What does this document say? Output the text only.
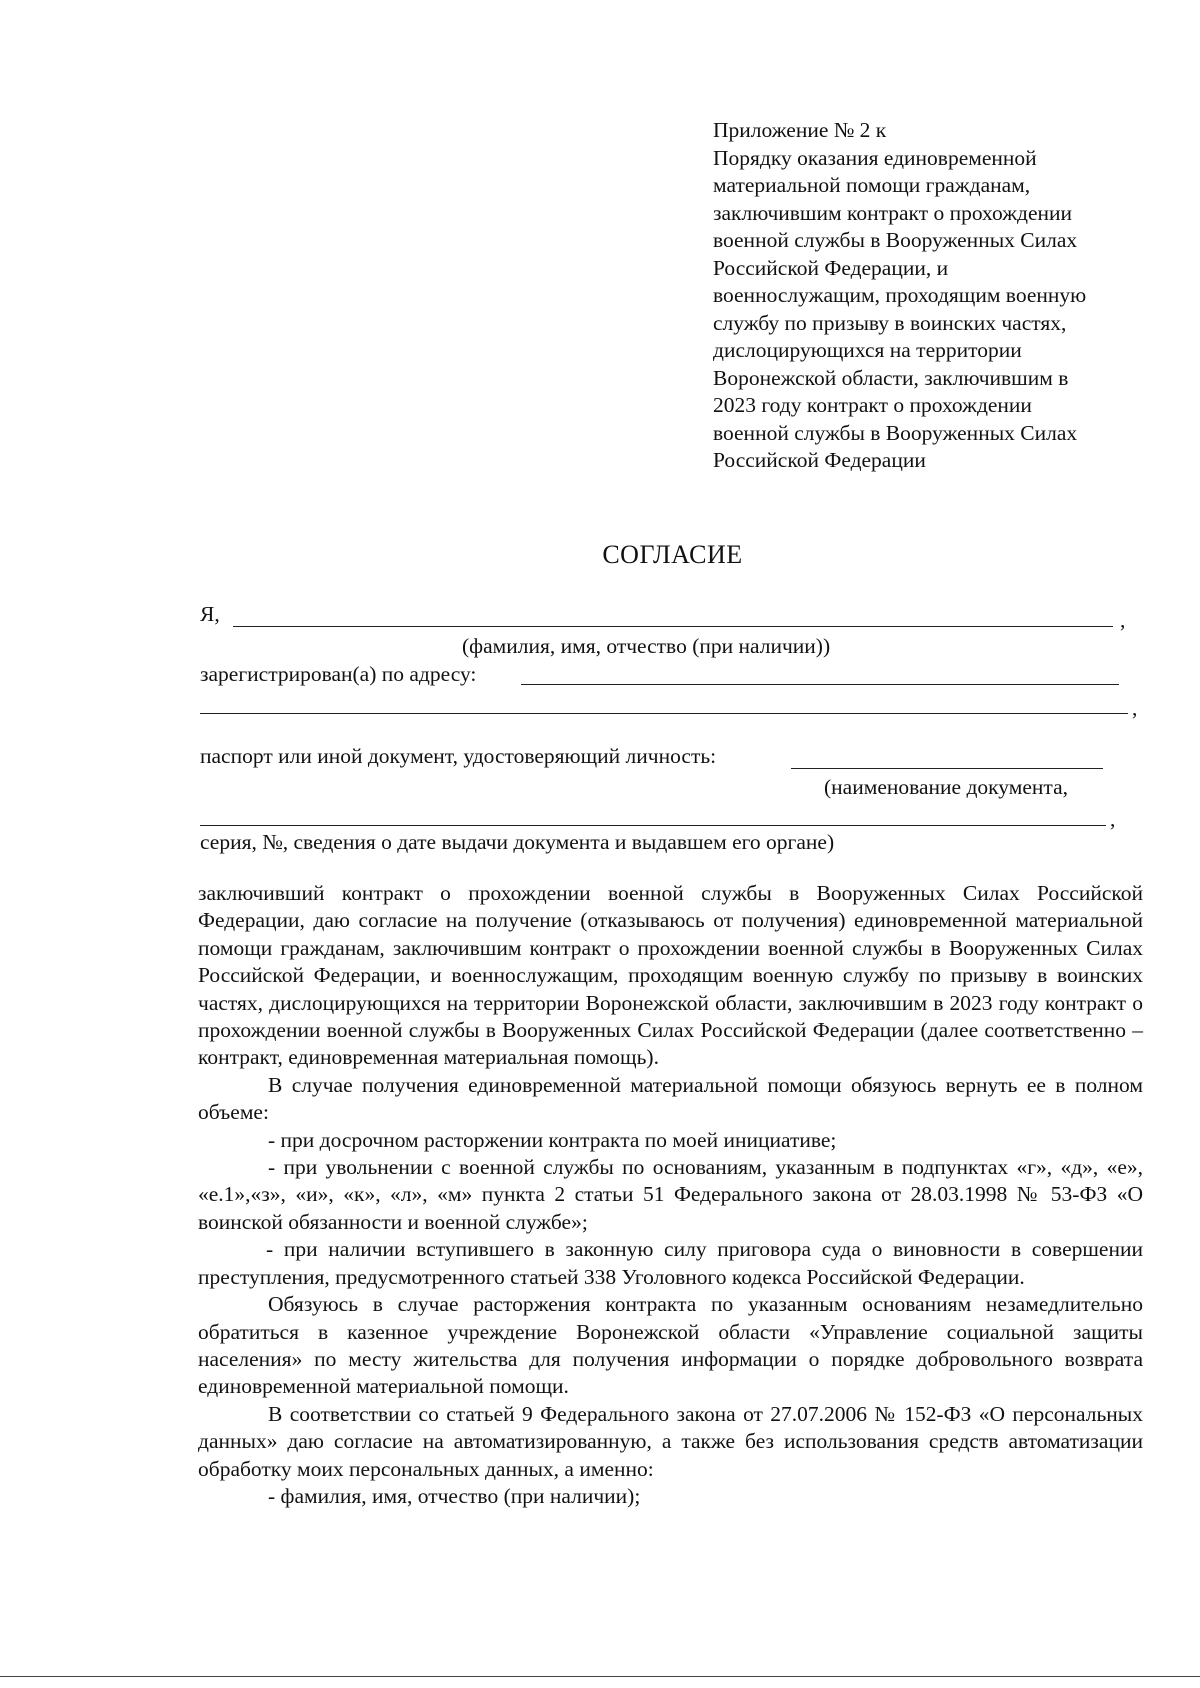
Приложение № 2 к
Порядку оказания единовременной
материальной помощи гражданам,
заключившим контракт о прохождении
военной службы в Вооруженных Силах
Российской Федерации, и
военнослужащим, проходящим военную
службу по призыву в воинских частях,
дислоцирующихся на территории
Воронежской области, заключившим в
2023 году контракт о прохождении
военной службы в Вооруженных Силах
Российской Федерации
СОГЛАСИЕ
Я,	,
(фамилия, имя, отчество (при наличии))
зарегистрирован(а) по адресу:
,
паспорт или иной документ, удостоверяющий личность:
(наименование документа,
,
серия, №, сведения о дате выдачи документа и выдавшем его органе)

заключивший контракт о прохождении военной службы в Вооруженных Силах Российской Федерации, даю согласие на получение (отказываюсь от получения) единовременной материальной помощи гражданам, заключившим контракт о прохождении военной службы в Вооруженных Силах Российской Федерации, и военнослужащим, проходящим военную службу по призыву в воинских частях, дислоцирующихся на территории Воронежской области, заключившим в 2023 году контракт о прохождении военной службы в Вооруженных Силах Российской Федерации (далее соответственно – контракт, единовременная материальная помощь).

В случае получения единовременной материальной помощи обязуюсь вернуть ее в полном объеме:

- при досрочном расторжении контракта по моей инициативе;

- при увольнении с военной службы по основаниям, указанным в подпунктах «г», «д», «е», «е.1»,«з», «и», «к», «л», «м» пункта 2 статьи 51 Федерального закона от 28.03.1998 № 53-ФЗ «О воинской обязанности и военной службе»;

- при наличии вступившего в законную силу приговора суда о виновности в совершении преступления, предусмотренного статьей 338 Уголовного кодекса Российской Федерации.

Обязуюсь в случае расторжения контракта по указанным основаниям незамедлительно обратиться в казенное учреждение Воронежской области «Управление социальной защиты населения» по месту жительства для получения информации о порядке добровольного возврата единовременной материальной помощи.

В соответствии со статьей 9 Федерального закона от 27.07.2006 № 152-ФЗ «О персональных данных» даю согласие на автоматизированную, а также без использования средств автоматизации обработку моих персональных данных, а именно:

- фамилия, имя, отчество (при наличии);
